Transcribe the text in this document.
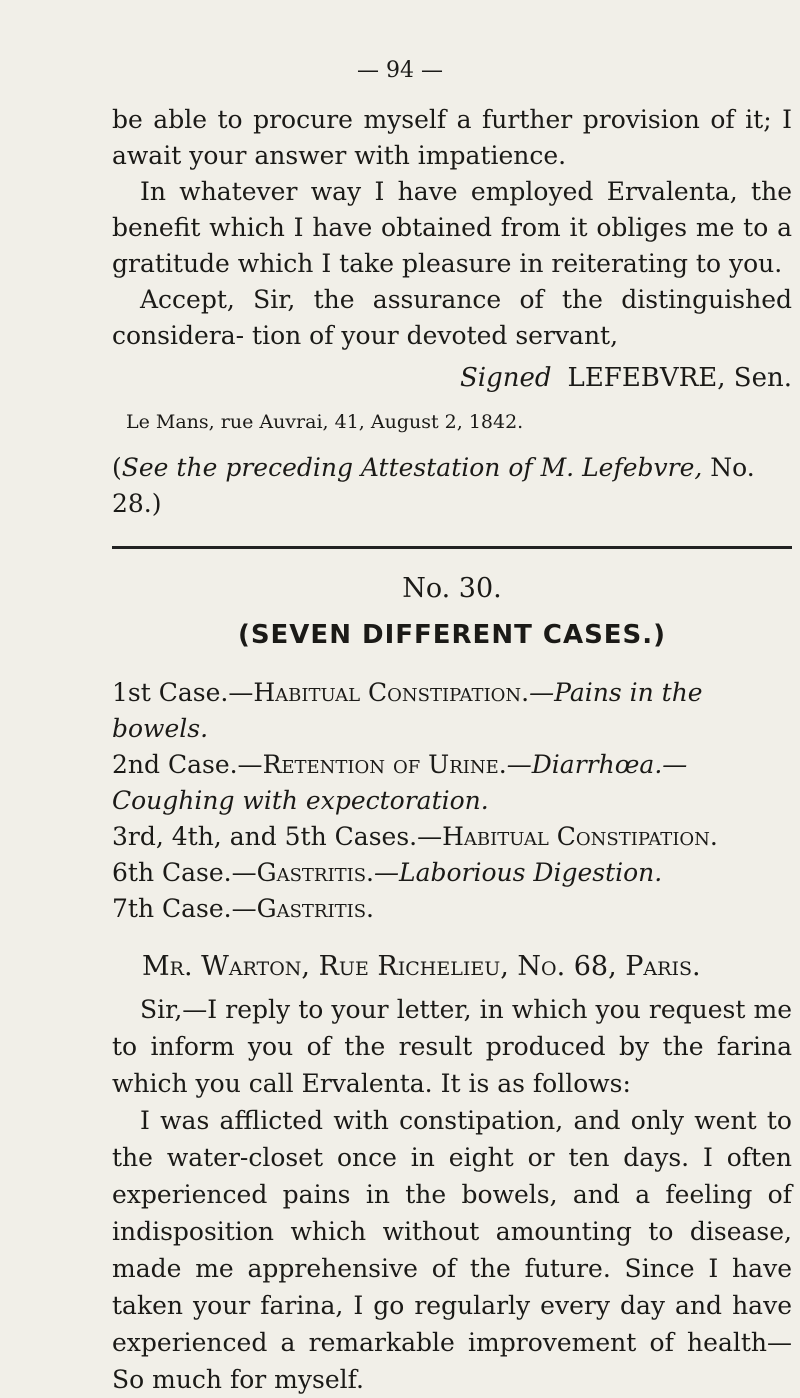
— 94 —

be able to procure myself a further provision of it; I await your answer with impatience.

In whatever way I have employed Ervalenta, the benefit which I have obtained from it obliges me to a gratitude which I take pleasure in reiterating to you.

Accept, Sir, the assurance of the distinguished considera- tion of your devoted servant,

Signed LEFEBVRE, Sen.
Le Mans, rue Auvrai, 41, August 2, 1842.
(See the preceding Attestation of M. Lefebvre, No. 28.)
No. 30.
(SEVEN DIFFERENT CASES.)
1st Case.—Habitual Constipation.—Pains in the bowels.
2nd Case.—Retention of Urine.—Diarrhœa.—Coughing with expectoration.
3rd, 4th, and 5th Cases.—Habitual Constipation.
6th Case.—Gastritis.—Laborious Digestion.
7th Case.—Gastritis.
Mr. Warton, Rue Richelieu, No. 68, Paris.

Sir,—I reply to your letter, in which you request me to inform you of the result produced by the farina which you call Ervalenta. It is as follows:

I was afflicted with constipation, and only went to the water-closet once in eight or ten days. I often experienced pains in the bowels, and a feeling of indisposition which without amounting to disease, made me apprehensive of the future. Since I have taken your farina, I go regularly every day and have experienced a remarkable improvement of health—So much for myself.
